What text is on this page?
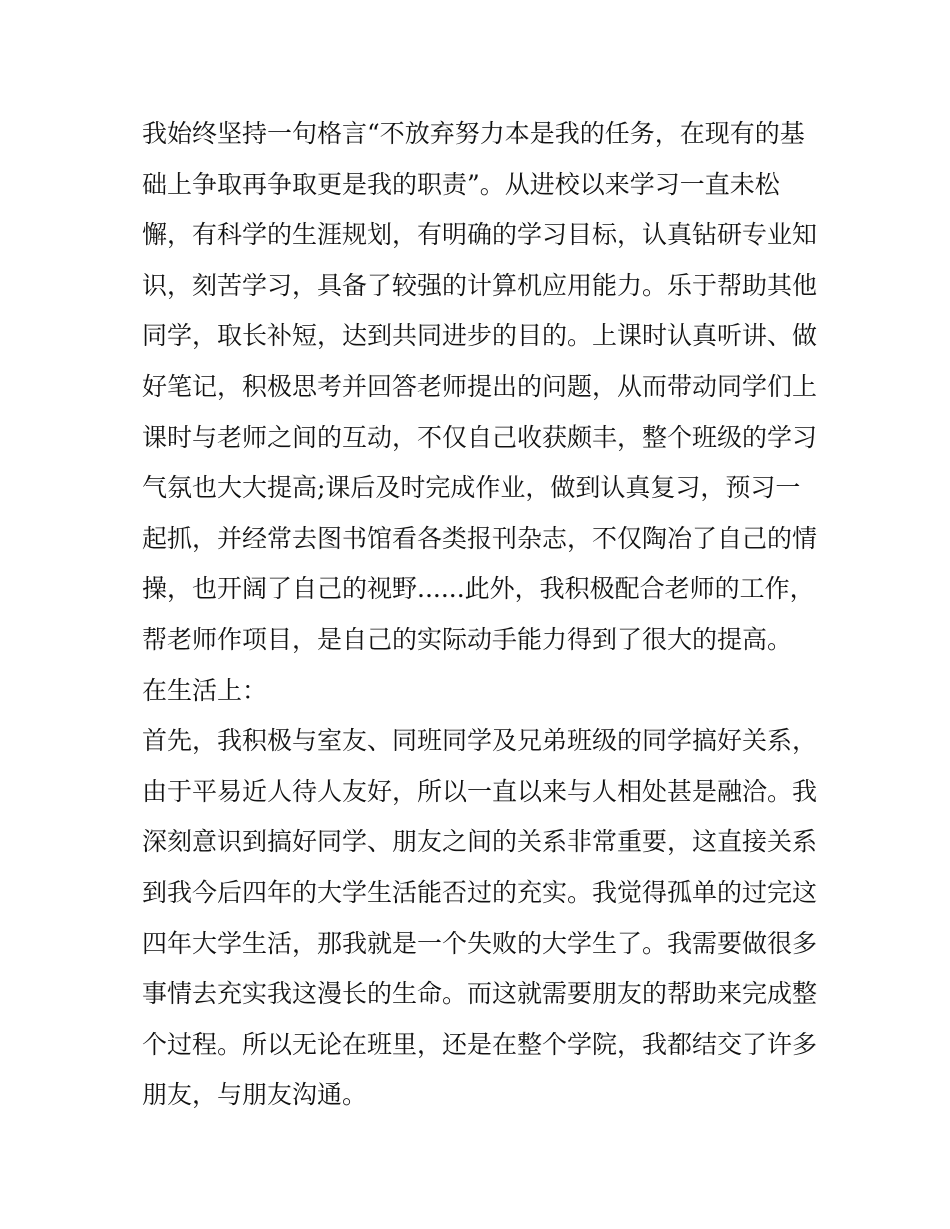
我始终坚持一句格言“不放弃努力本是我的任务，在现有的基
础上争取再争取更是我的职责”。从进校以来学习一直未松
懈，有科学的生涯规划，有明确的学习目标，认真钻研专业知
识，刻苦学习，具备了较强的计算机应用能力。乐于帮助其他
同学，取长补短，达到共同进步的目的。上课时认真听讲、做
好笔记，积极思考并回答老师提出的问题，从而带动同学们上
课时与老师之间的互动，不仅自己收获颇丰，整个班级的学习
气氛也大大提高;课后及时完成作业，做到认真复习，预习一
起抓，并经常去图书馆看各类报刊杂志，不仅陶冶了自己的情
操，也开阔了自己的视野......此外，我积极配合老师的工作，
帮老师作项目，是自己的实际动手能力得到了很大的提高。
在生活上：
首先，我积极与室友、同班同学及兄弟班级的同学搞好关系，
由于平易近人待人友好，所以一直以来与人相处甚是融洽。我
深刻意识到搞好同学、朋友之间的关系非常重要，这直接关系
到我今后四年的大学生活能否过的充实。我觉得孤单的过完这
四年大学生活，那我就是一个失败的大学生了。我需要做很多
事情去充实我这漫长的生命。而这就需要朋友的帮助来完成整
个过程。所以无论在班里，还是在整个学院，我都结交了许多
朋友，与朋友沟通。
